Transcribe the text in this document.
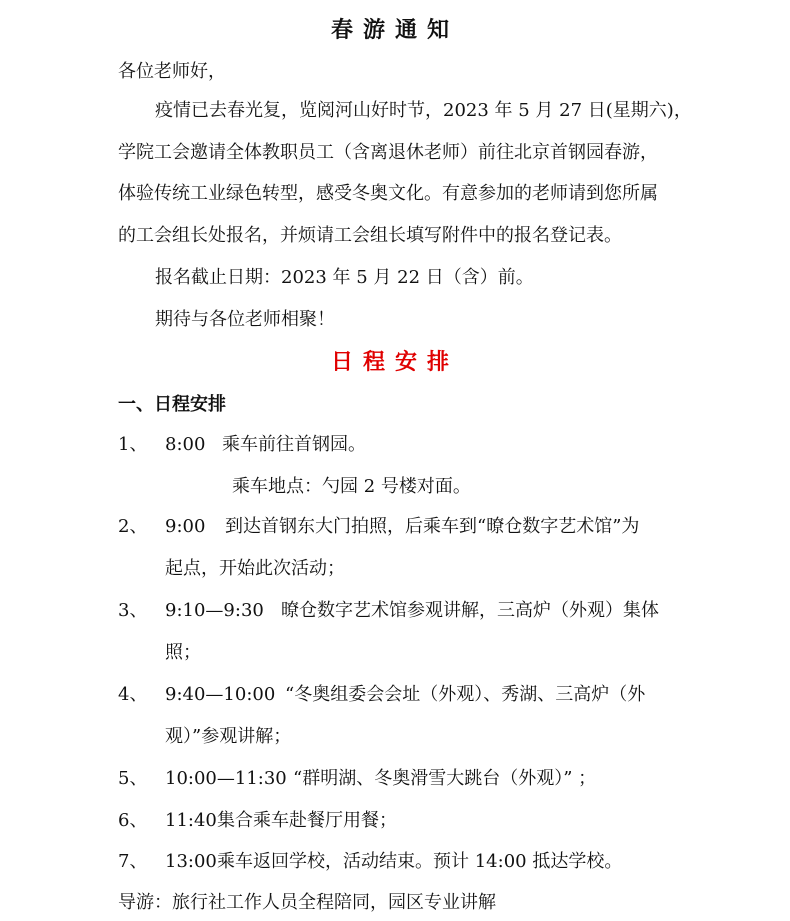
春游通知
各位老师好，
疫情已去春光复，览阅河山好时节，2023 年 5 月 27 日(星期六)，
学院工会邀请全体教职员工（含离退休老师）前往北京首钢园春游，
体验传统工业绿色转型，感受冬奥文化。有意参加的老师请到您所属
的工会组长处报名，并烦请工会组长填写附件中的报名登记表。
报名截止日期：2023 年 5 月 22 日（含）前。
期待与各位老师相聚！
日程安排
一、日程安排
1、 8:00 乘车前往首钢园。
乘车地点：勺园 2 号楼对面。
2、 9:00 到达首钢东大门拍照，后乘车到“暸仓数字艺术馆”为
起点，开始此次活动；
3、 9:10—9:30 暸仓数字艺术馆参观讲解，三高炉（外观）集体
照；
4、 9:40—10:00 “冬奥组委会会址（外观）、秀湖、三高炉（外
观）”参观讲解；
5、 10:00—11:30 “群明湖、冬奥滑雪大跳台（外观）” ；
6、 11:40 集合乘车赴餐厅用餐；
7、 13:00 乘车返回学校，活动结束。预计 14:00 抵达学校。
导游：旅行社工作人员全程陪同，园区专业讲解
